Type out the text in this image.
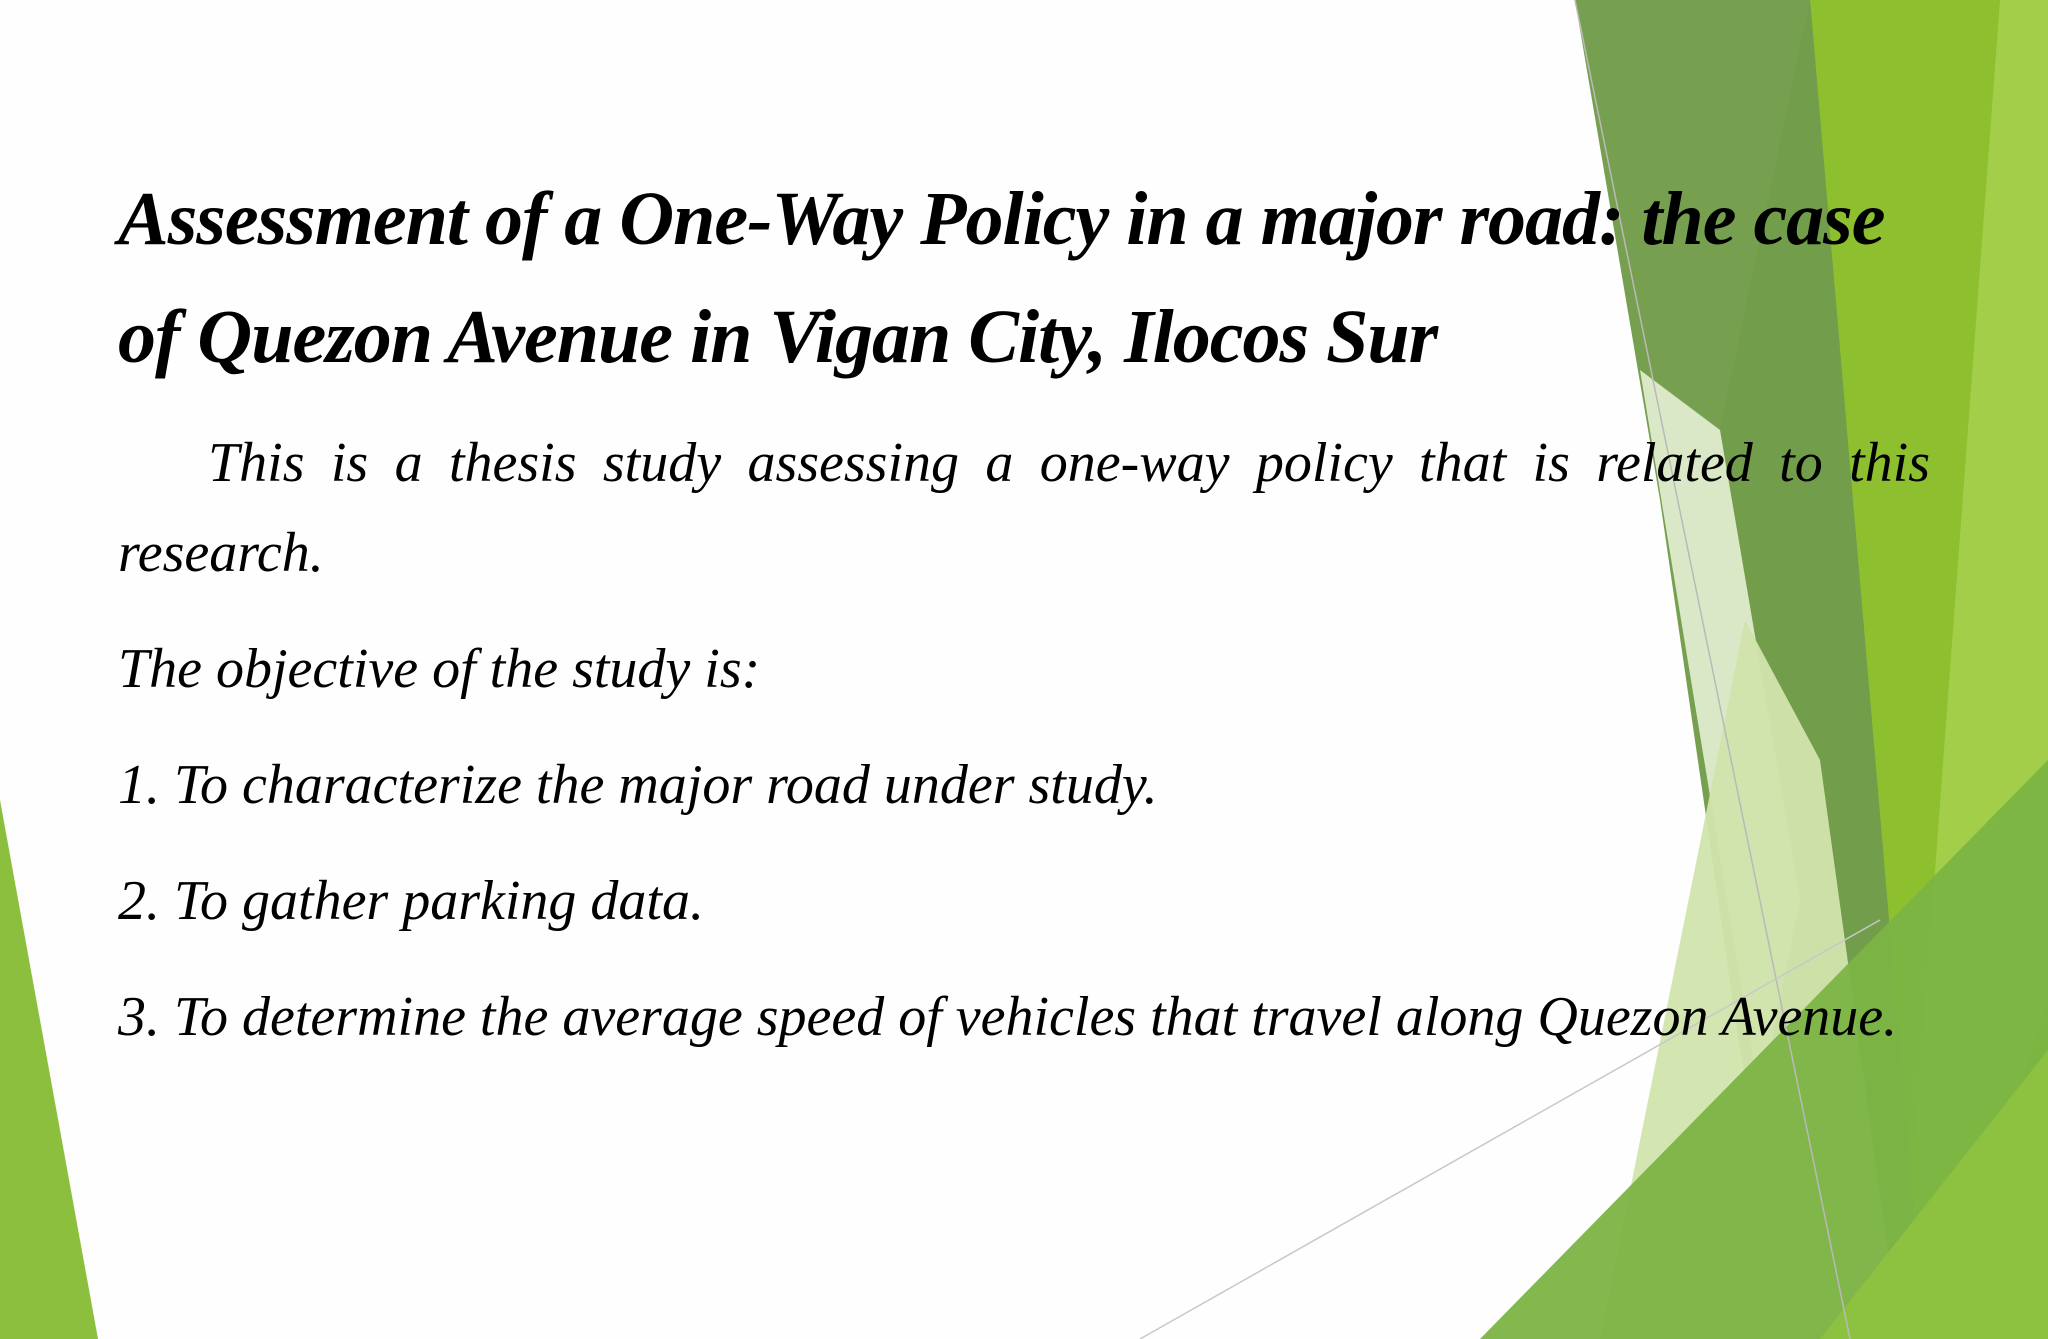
Assessment of a One-Way Policy in a major road: the case of Quezon Avenue in Vigan City, Ilocos Sur

This is a thesis study assessing a one-way policy that is related to this research.

The objective of the study is:

1. To characterize the major road under study.

2. To gather parking data.

3. To determine the average speed of vehicles that travel along Quezon Avenue.
